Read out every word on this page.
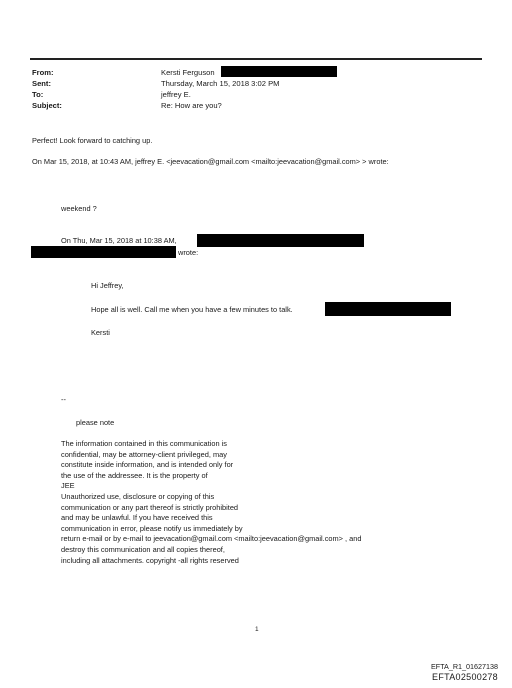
From:	Kersti Ferguson
Sent:	Thursday, March 15, 2018 3:02 PM
To:	jeffrey E.
Subject:	Re: How are you?
Perfect! Look forward to catching up.
On Mar 15, 2018, at 10:43 AM, jeffrey E. <jeevacation@gmail.com <mailto:jeevacation@gmail.com> > wrote:
weekend ?
On Thu, Mar 15, 2018 at 10:38 AM,
wrote:
Hi Jeffrey,
Hope all is well. Call me when you have a few minutes to talk.
Kersti
--
please note
The information contained in this communication is
confidential, may be attorney-client privileged, may
constitute inside information, and is intended only for
the use of the addressee. It is the property of
JEE
Unauthorized use, disclosure or copying of this
communication or any part thereof is strictly prohibited
and may be unlawful. If you have received this
communication in error, please notify us immediately by
return e-mail or by e-mail to jeevacation@gmail.com <mailto:jeevacation@gmail.com> , and
destroy this communication and all copies thereof,
including all attachments. copyright -all rights reserved
1
EFTA_R1_01627138
EFTA02500278
